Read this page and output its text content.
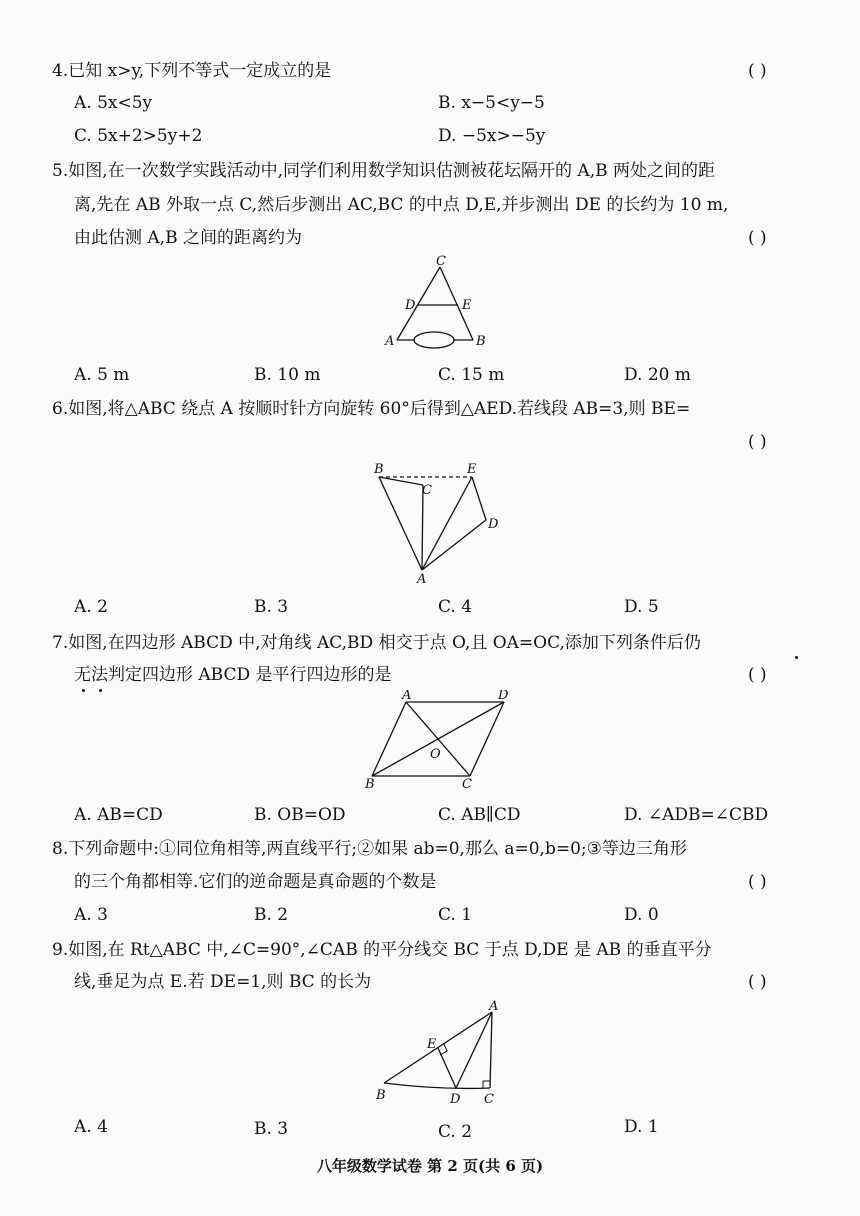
4.已知 x>y,下列不等式一定成立的是	( )
A. 5x<5y	B. x−5<y−5
C. 5x+2>5y+2	D. −5x>−5y
5.如图,在一次数学实践活动中,同学们利用数学知识估测被花坛隔开的 A,B 两处之间的距
离,先在 AB 外取一点 C,然后步测出 AC,BC 的中点 D,E,并步测出 DE 的长约为 10 m,
由此估测 A,B 之间的距离约为	( )
C
D	E
A	B
A. 5 m	B. 10 m	C. 15 m	D. 20 m
6.如图,将△ABC 绕点 A 按顺时针方向旋转 60°后得到△AED.若线段 AB=3,则 BE=
( )
B
C
E
D
A
A. 2	B. 3	C. 4	D. 5
7.如图,在四边形 ABCD 中,对角线 AC,BD 相交于点 O,且 OA=OC,添加下列条件后仍
无法判定四边形 ABCD 是平行四边形的是	( )
A	D
O
B	C
A. AB=CD	B. OB=OD	C. AB∥CD	D. ∠ADB=∠CBD
8.下列命题中:①同位角相等,两直线平行;②如果 ab=0,那么 a=0,b=0;③等边三角形
的三个角都相等.它们的逆命题是真命题的个数是	( )
A. 3	B. 2	C. 1	D. 0
9.如图,在 Rt△ABC 中,∠C=90°,∠CAB 的平分线交 BC 于点 D,DE 是 AB 的垂直平分
线,垂足为点 E.若 DE=1,则 BC 的长为	( )
A
E
B	D C
A. 4	B. 3	C. 2	D. 1
八年级数学试卷 第 2 页(共 6 页)
